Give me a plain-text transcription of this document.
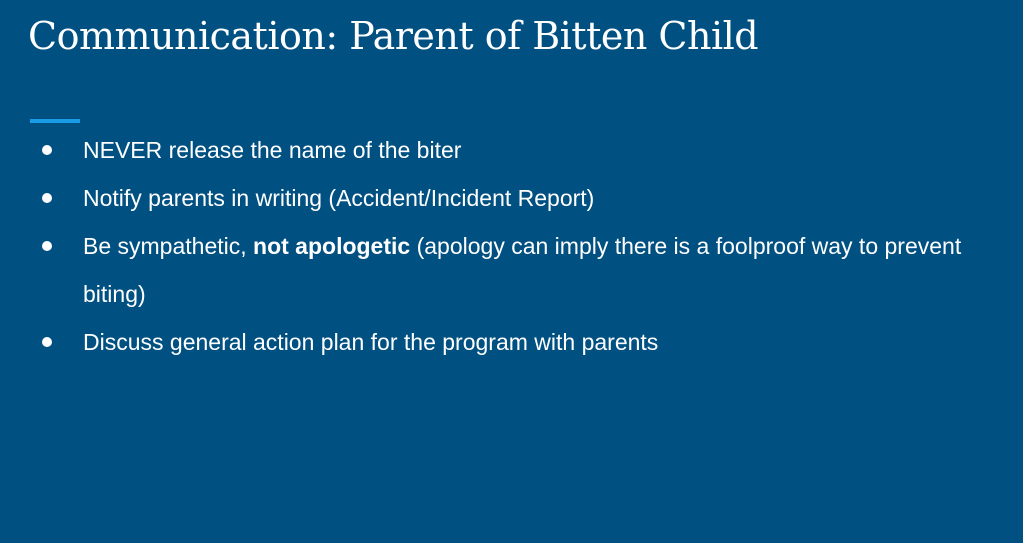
Communication: Parent of Bitten Child
NEVER release the name of the biter
Notify parents in writing (Accident/Incident Report)
Be sympathetic, not apologetic (apology can imply there is a foolproof way to prevent biting)
Discuss general action plan for the program with parents
